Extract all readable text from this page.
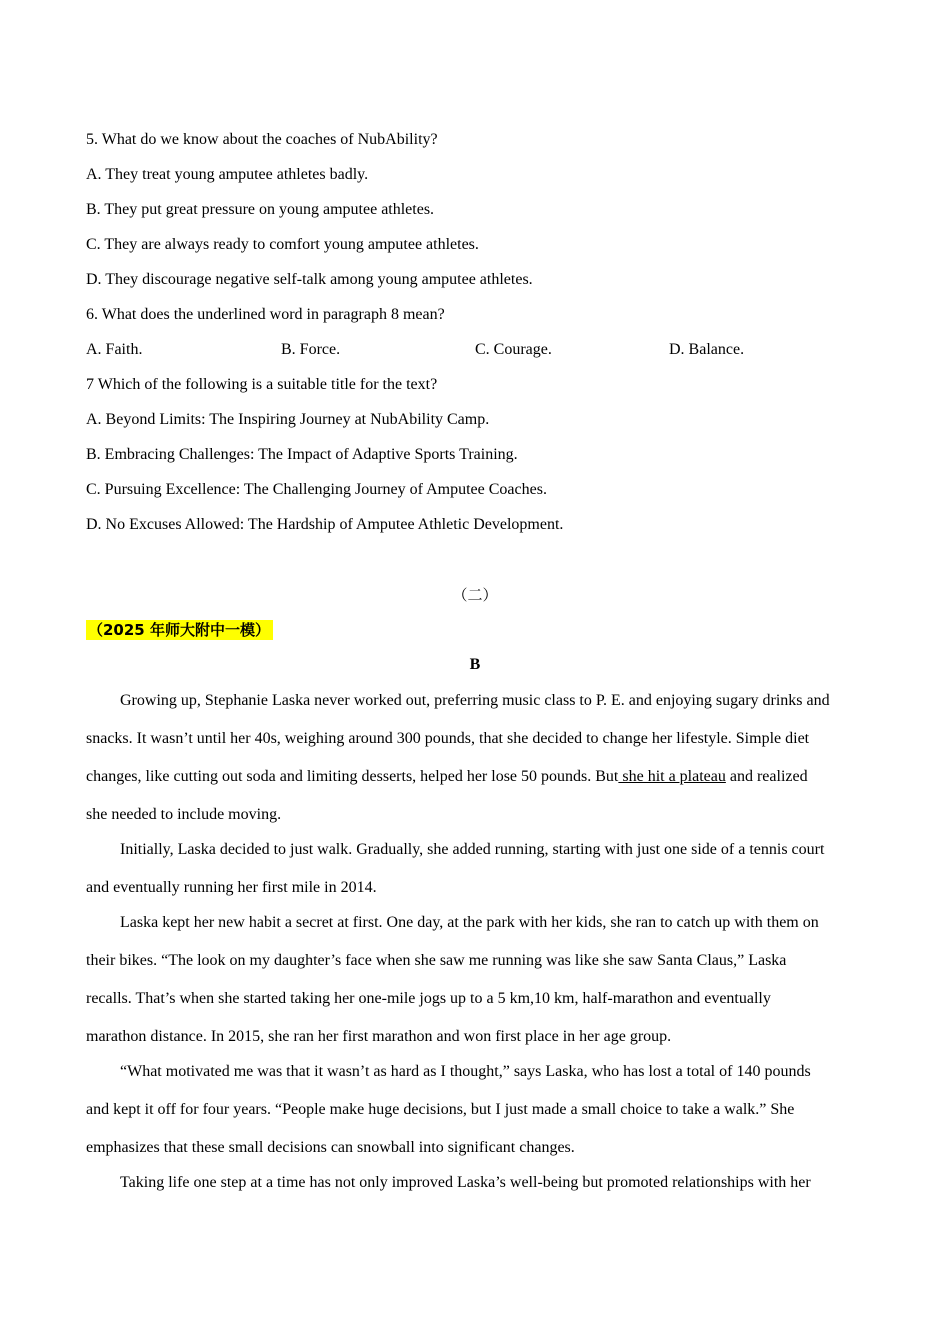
5. What do we know about the coaches of NubAbility?
A. They treat young amputee athletes badly.
B. They put great pressure on young amputee athletes.
C. They are always ready to comfort young amputee athletes.
D. They discourage negative self-talk among young amputee athletes.
6. What does the underlined word in paragraph 8 mean?
A. Faith.	B. Force.	C. Courage.	D. Balance.
7 Which of the following is a suitable title for the text?
A. Beyond Limits: The Inspiring Journey at NubAbility Camp.
B. Embracing Challenges: The Impact of Adaptive Sports Training.
C. Pursuing Excellence: The Challenging Journey of Amputee Coaches.
D. No Excuses Allowed: The Hardship of Amputee Athletic Development.
（二）
（2025 年师大附中一模）
B
Growing up, Stephanie Laska never worked out, preferring music class to P. E. and enjoying sugary drinks and
snacks. It wasn’t until her 40s, weighing around 300 pounds, that she decided to change her lifestyle. Simple diet
changes, like cutting out soda and limiting desserts, helped her lose 50 pounds. But she hit a plateau and realized
she needed to include moving.
Initially, Laska decided to just walk. Gradually, she added running, starting with just one side of a tennis court
and eventually running her first mile in 2014.
Laska kept her new habit a secret at first. One day, at the park with her kids, she ran to catch up with them on
their bikes. “The look on my daughter’s face when she saw me running was like she saw Santa Claus,” Laska
recalls. That’s when she started taking her one-mile jogs up to a 5 km,10 km, half-marathon and eventually
marathon distance. In 2015, she ran her first marathon and won first place in her age group.
“What motivated me was that it wasn’t as hard as I thought,” says Laska, who has lost a total of 140 pounds
and kept it off for four years. “People make huge decisions, but I just made a small choice to take a walk.” She
emphasizes that these small decisions can snowball into significant changes.
Taking life one step at a time has not only improved Laska’s well-being but promoted relationships with her
